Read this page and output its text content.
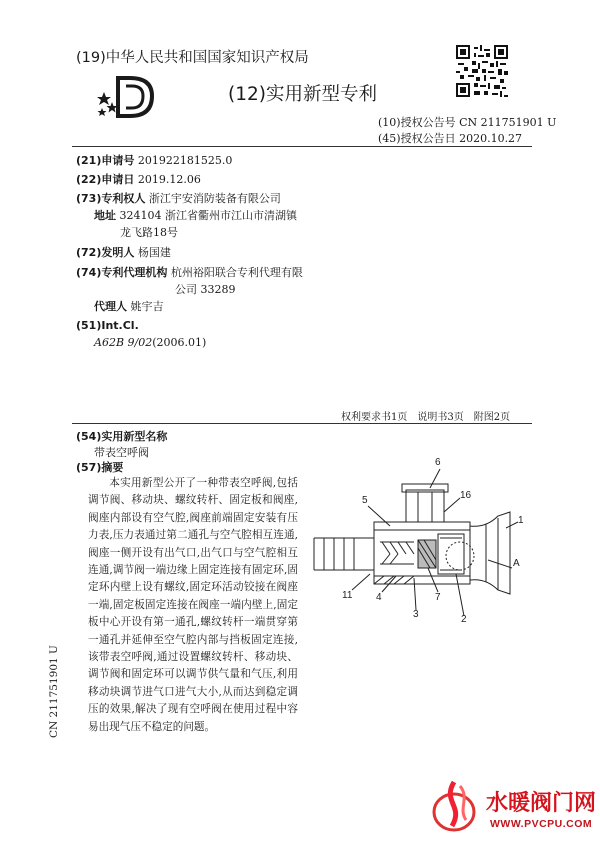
(19)中华人民共和国国家知识产权局
(12)实用新型专利
(10)授权公告号 CN 211751901 U
(45)授权公告日 2020.10.27
(21)申请号 201922181525.0
(22)申请日 2019.12.06
(73)专利权人 浙江宇安消防装备有限公司
地址 324104 浙江省衢州市江山市清湖镇
龙飞路18号
(72)发明人 杨国建
(74)专利代理机构 杭州裕阳联合专利代理有限
公司 33289
代理人 姚宇吉
(51)Int.Cl.
A62B 9/02(2006.01)
权利要求书1页　说明书3页　附图2页
(54)实用新型名称
带表空呼阀
(57)摘要
本实用新型公开了一种带表空呼阀,包括调节阀、移动块、螺纹转杆、固定板和阀座,阀座内部设有空气腔,阀座前端固定安装有压力表,压力表通过第二通孔与空气腔相互连通,阀座一侧开设有出气口,出气口与空气腔相互连通,调节阀一端边缘上固定连接有固定环,固定环内壁上设有螺纹,固定环活动铰接在阀座一端,固定板固定连接在阀座一端内壁上,固定板中心开设有第一通孔,螺纹转杆一端贯穿第一通孔并延伸至空气腔内部与挡板固定连接,该带表空呼阀,通过设置螺纹转杆、移动块、调节阀和固定环可以调节供气量和气压,利用移动块调节进气口进气大小,从而达到稳定调压的效果,解决了现有空呼阀在使用过程中容易出现气压不稳定的问题。
CN 211751901 U
6
5	16
1
A
11 4	7
3	2
水暖阀门网
WWW.PVCPU.COM
